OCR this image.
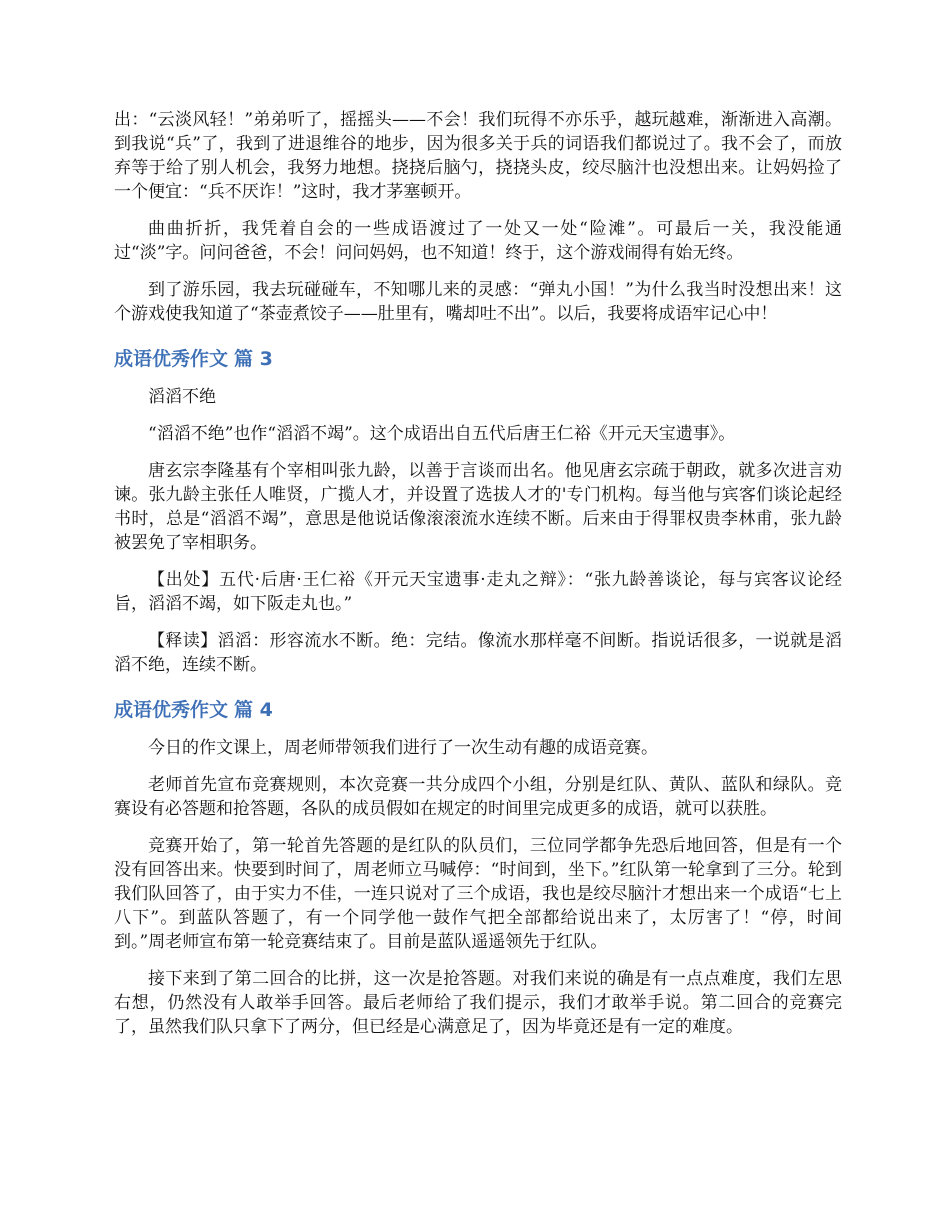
出：“云淡风轻！”弟弟听了，摇摇头——不会！我们玩得不亦乐乎，越玩越难，渐渐进入高潮。到我说“兵”了，我到了进退维谷的地步，因为很多关于兵的词语我们都说过了。我不会了，而放弃等于给了别人机会，我努力地想。挠挠后脑勺，挠挠头皮，绞尽脑汁也没想出来。让妈妈捡了一个便宜：“兵不厌诈！”这时，我才茅塞顿开。

曲曲折折，我凭着自会的一些成语渡过了一处又一处“险滩”。可最后一关，我没能通过“淡”字。问问爸爸，不会！问问妈妈，也不知道！终于，这个游戏闹得有始无终。

到了游乐园，我去玩碰碰车，不知哪儿来的灵感：“弹丸小国！”为什么我当时没想出来！这个游戏使我知道了“茶壶煮饺子——肚里有，嘴却吐不出”。以后，我要将成语牢记心中！

成语优秀作文 篇 3

滔滔不绝

“滔滔不绝”也作“滔滔不竭”。这个成语出自五代后唐王仁裕《开元天宝遗事》。

唐玄宗李隆基有个宰相叫张九龄，以善于言谈而出名。他见唐玄宗疏于朝政，就多次进言劝谏。张九龄主张任人唯贤，广揽人才，并设置了选拔人才的'专门机构。每当他与宾客们谈论起经书时，总是“滔滔不竭”，意思是他说话像滚滚流水连续不断。后来由于得罪权贵李林甫，张九龄被罢免了宰相职务。

【出处】五代·后唐·王仁裕《开元天宝遗事·走丸之辩》：“张九龄善谈论，每与宾客议论经旨，滔滔不竭，如下阪走丸也。”

【释读】滔滔：形容流水不断。绝：完结。像流水那样毫不间断。指说话很多，一说就是滔滔不绝，连续不断。

成语优秀作文 篇 4

今日的作文课上，周老师带领我们进行了一次生动有趣的成语竞赛。

老师首先宣布竞赛规则，本次竞赛一共分成四个小组，分别是红队、黄队、蓝队和绿队。竞赛设有必答题和抢答题，各队的成员假如在规定的时间里完成更多的成语，就可以获胜。

竞赛开始了，第一轮首先答题的是红队的队员们，三位同学都争先恐后地回答，但是有一个没有回答出来。快要到时间了，周老师立马喊停：“时间到，坐下。”红队第一轮拿到了三分。轮到我们队回答了，由于实力不佳，一连只说对了三个成语，我也是绞尽脑汁才想出来一个成语“七上八下”。到蓝队答题了，有一个同学他一鼓作气把全部都给说出来了，太厉害了！“停，时间到。”周老师宣布第一轮竞赛结束了。目前是蓝队遥遥领先于红队。

接下来到了第二回合的比拼，这一次是抢答题。对我们来说的确是有一点点难度，我们左思右想，仍然没有人敢举手回答。最后老师给了我们提示，我们才敢举手说。第二回合的竞赛完了，虽然我们队只拿下了两分，但已经是心满意足了，因为毕竟还是有一定的难度。
